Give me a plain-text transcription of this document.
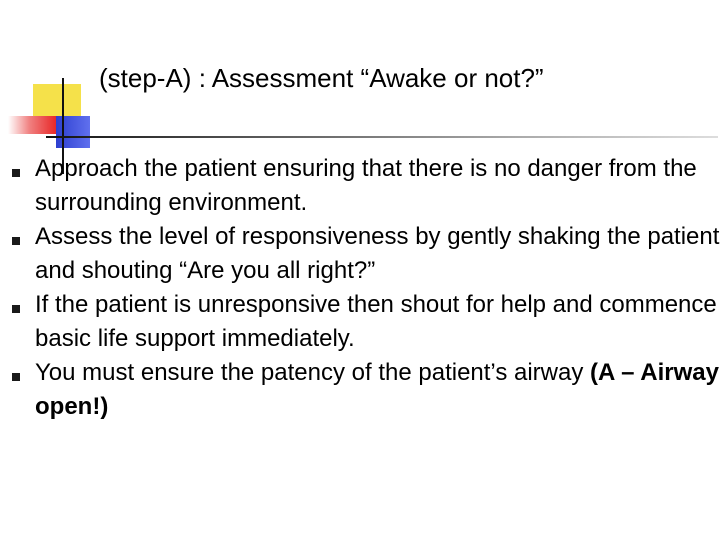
(step-A) : Assessment “Awake or not?”
Approach the patient ensuring that there is no danger from the surrounding environment.
Assess the level of responsiveness by gently shaking the patient and shouting “Are you all right?”
If the patient is unresponsive then shout for help and commence basic life support immediately.
You must ensure the patency of the patient’s airway (A – Airway open!)
